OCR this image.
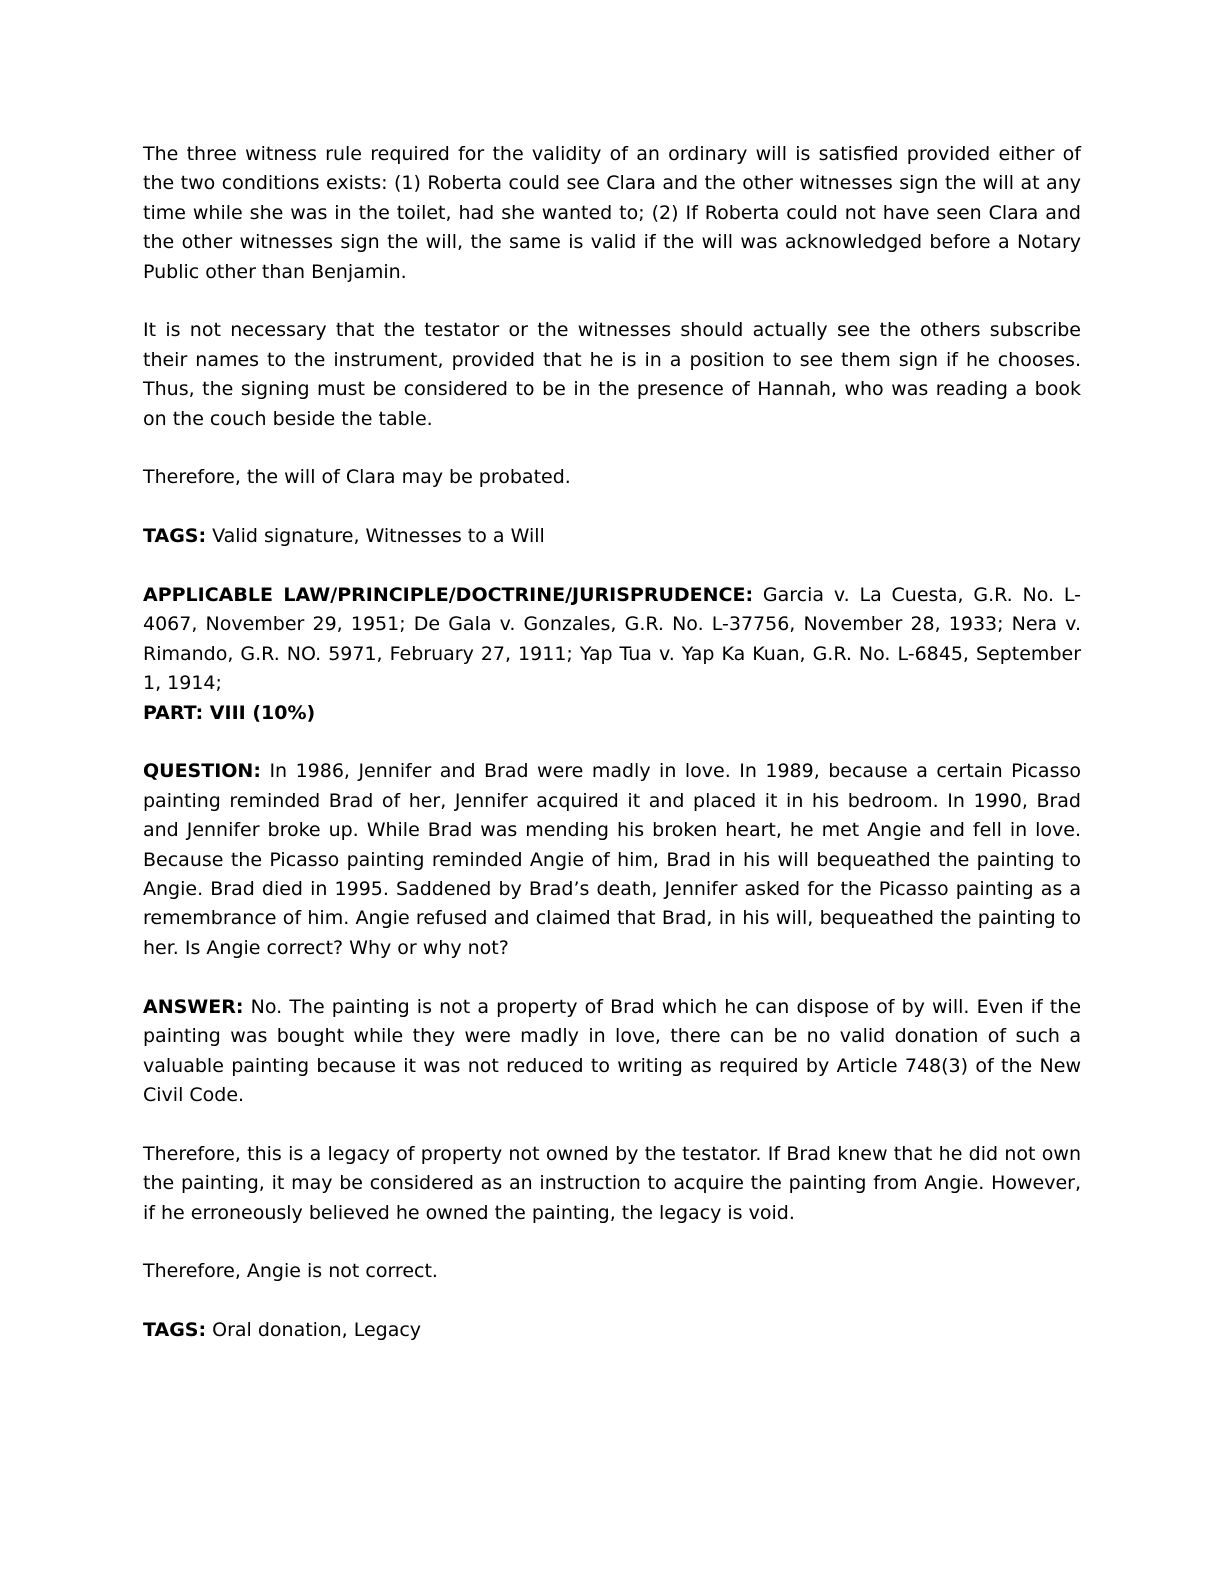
The three witness rule required for the validity of an ordinary will is satisfied provided either of the two conditions exists: (1) Roberta could see Clara and the other witnesses sign the will at any time while she was in the toilet, had she wanted to; (2) If Roberta could not have seen Clara and the other witnesses sign the will, the same is valid if the will was acknowledged before a Notary Public other than Benjamin.

It is not necessary that the testator or the witnesses should actually see the others subscribe their names to the instrument, provided that he is in a position to see them sign if he chooses. Thus, the signing must be considered to be in the presence of Hannah, who was reading a book on the couch beside the table.

Therefore, the will of Clara may be probated.

TAGS: Valid signature, Witnesses to a Will

APPLICABLE LAW/PRINCIPLE/DOCTRINE/JURISPRUDENCE: Garcia v. La Cuesta, G.R. No. L-4067, November 29, 1951; De Gala v. Gonzales, G.R. No. L-37756, November 28, 1933; Nera v. Rimando, G.R. NO. 5971, February 27, 1911; Yap Tua v. Yap Ka Kuan, G.R. No. L-6845, September 1, 1914;

PART: VIII (10%)

QUESTION: In 1986, Jennifer and Brad were madly in love. In 1989, because a certain Picasso painting reminded Brad of her, Jennifer acquired it and placed it in his bedroom. In 1990, Brad and Jennifer broke up. While Brad was mending his broken heart, he met Angie and fell in love. Because the Picasso painting reminded Angie of him, Brad in his will bequeathed the painting to Angie. Brad died in 1995. Saddened by Brad’s death, Jennifer asked for the Picasso painting as a remembrance of him. Angie refused and claimed that Brad, in his will, bequeathed the painting to her. Is Angie correct? Why or why not?

ANSWER: No. The painting is not a property of Brad which he can dispose of by will. Even if the painting was bought while they were madly in love, there can be no valid donation of such a valuable painting because it was not reduced to writing as required by Article 748(3) of the New Civil Code.

Therefore, this is a legacy of property not owned by the testator. If Brad knew that he did not own the painting, it may be considered as an instruction to acquire the painting from Angie. However, if he erroneously believed he owned the painting, the legacy is void.

Therefore, Angie is not correct.

TAGS: Oral donation, Legacy
